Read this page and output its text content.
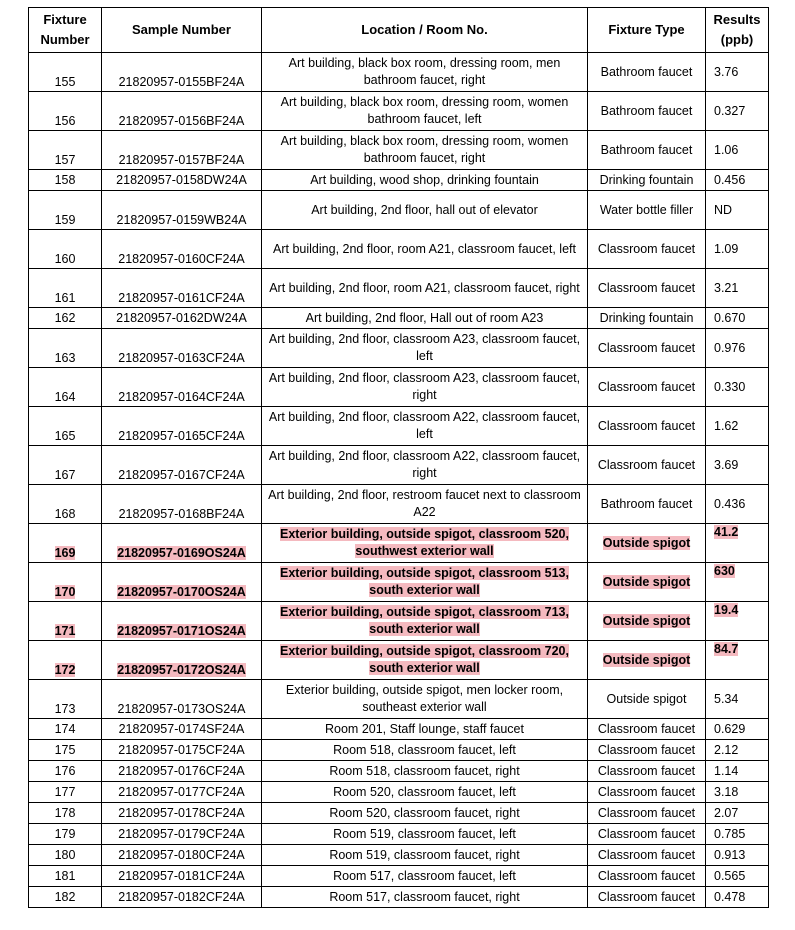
Fixture Number	Sample Number	Location / Room No.	Fixture Type	Results (ppb)
155	21820957-0155BF24A	Art building, black box room, dressing room, men bathroom faucet, right	Bathroom faucet	3.76
156	21820957-0156BF24A	Art building, black box room, dressing room, women bathroom faucet, left	Bathroom faucet	0.327
157	21820957-0157BF24A	Art building, black box room, dressing room, women bathroom faucet, right	Bathroom faucet	1.06
158	21820957-0158DW24A	Art building, wood shop, drinking fountain	Drinking fountain	0.456
159	21820957-0159WB24A	Art building, 2nd floor, hall out of elevator	Water bottle filler	ND
160	21820957-0160CF24A	Art building, 2nd floor, room A21, classroom faucet, left	Classroom faucet	1.09
161	21820957-0161CF24A	Art building, 2nd floor, room A21, classroom faucet, right	Classroom faucet	3.21
162	21820957-0162DW24A	Art building, 2nd floor, Hall out of room A23	Drinking fountain	0.670
163	21820957-0163CF24A	Art building, 2nd floor, classroom A23, classroom faucet, left	Classroom faucet	0.976
164	21820957-0164CF24A	Art building, 2nd floor, classroom A23, classroom faucet, right	Classroom faucet	0.330
165	21820957-0165CF24A	Art building, 2nd floor, classroom A22, classroom faucet, left	Classroom faucet	1.62
167	21820957-0167CF24A	Art building, 2nd floor, classroom A22, classroom faucet, right	Classroom faucet	3.69
168	21820957-0168BF24A	Art building, 2nd floor, restroom faucet next to classroom A22	Bathroom faucet	0.436
169	21820957-0169OS24A	Exterior building, outside spigot, classroom 520, southwest exterior wall	Outside spigot	41.2
170	21820957-0170OS24A	Exterior building, outside spigot, classroom 513, south exterior wall	Outside spigot	630
171	21820957-0171OS24A	Exterior building, outside spigot, classroom 713, south exterior wall	Outside spigot	19.4
172	21820957-0172OS24A	Exterior building, outside spigot, classroom 720, south exterior wall	Outside spigot	84.7
173	21820957-0173OS24A	Exterior building, outside spigot, men locker room, southeast exterior wall	Outside spigot	5.34
174	21820957-0174SF24A	Room 201, Staff lounge, staff faucet	Classroom faucet	0.629
175	21820957-0175CF24A	Room 518, classroom faucet, left	Classroom faucet	2.12
176	21820957-0176CF24A	Room 518, classroom faucet, right	Classroom faucet	1.14
177	21820957-0177CF24A	Room 520, classroom faucet, left	Classroom faucet	3.18
178	21820957-0178CF24A	Room 520, classroom faucet, right	Classroom faucet	2.07
179	21820957-0179CF24A	Room 519, classroom faucet, left	Classroom faucet	0.785
180	21820957-0180CF24A	Room 519, classroom faucet, right	Classroom faucet	0.913
181	21820957-0181CF24A	Room 517, classroom faucet, left	Classroom faucet	0.565
182	21820957-0182CF24A	Room 517, classroom faucet, right	Classroom faucet	0.478
